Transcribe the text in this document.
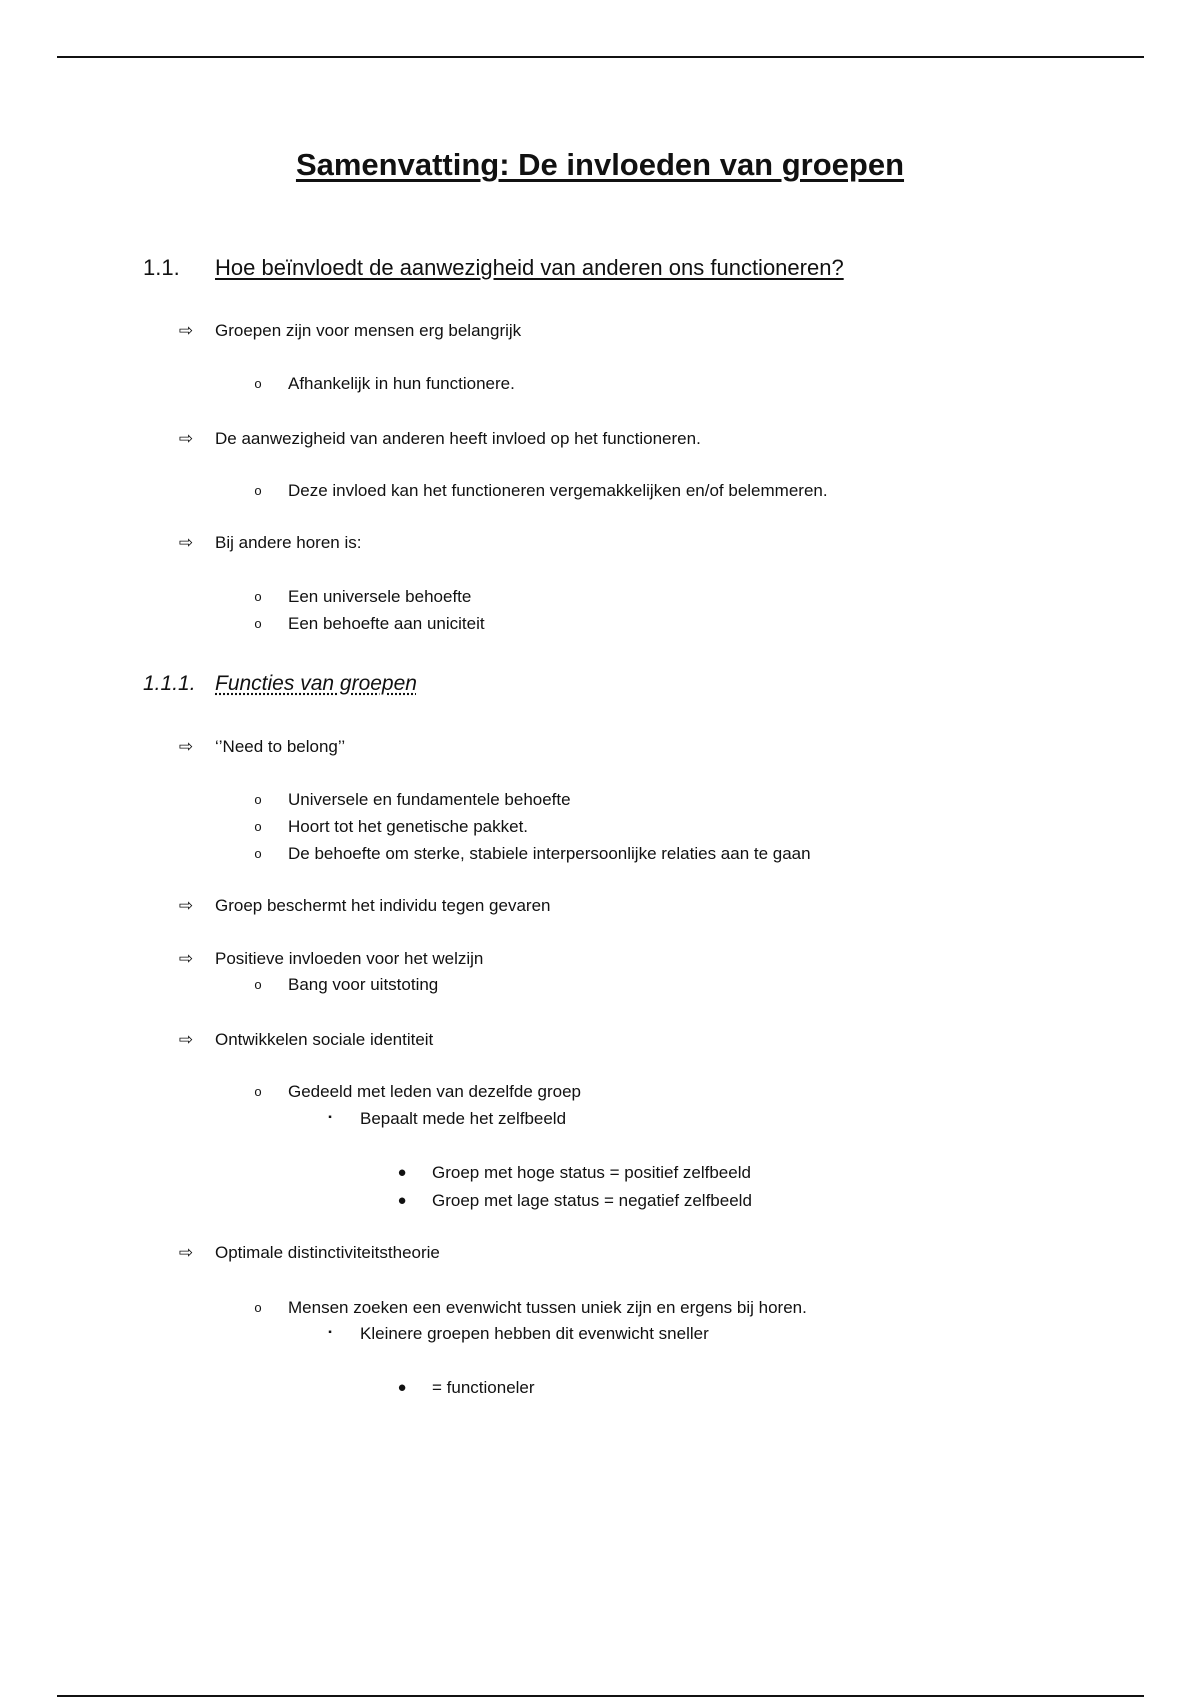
Samenvatting: De invloeden van groepen
1.1.	Hoe beïnvloedt de aanwezigheid van anderen ons functioneren?
⇨ Groepen zijn voor mensen erg belangrijk
o	Afhankelijk in hun functionere.
⇨ De aanwezigheid van anderen heeft invloed op het functioneren.
o	Deze invloed kan het functioneren vergemakkelijken en/of belemmeren.
⇨ Bij andere horen is:
o	Een universele behoefte
o	Een behoefte aan uniciteit
1.1.1. Functies van groepen
⇨ ‘’Need to belong’’
o	Universele en fundamentele behoefte
o	Hoort tot het genetische pakket.
o	De behoefte om sterke, stabiele interpersoonlijke relaties aan te gaan
⇨ Groep beschermt het individu tegen gevaren
⇨ Positieve invloeden voor het welzijn
o	Bang voor uitstoting
⇨ Ontwikkelen sociale identiteit
o	Gedeeld met leden van dezelfde groep
▪	Bepaalt mede het zelfbeeld
●	Groep met hoge status = positief zelfbeeld
●	Groep met lage status = negatief zelfbeeld
⇨ Optimale distinctiviteitstheorie
o	Mensen zoeken een evenwicht tussen uniek zijn en ergens bij horen.
▪	Kleinere groepen hebben dit evenwicht sneller
●	= functioneler
